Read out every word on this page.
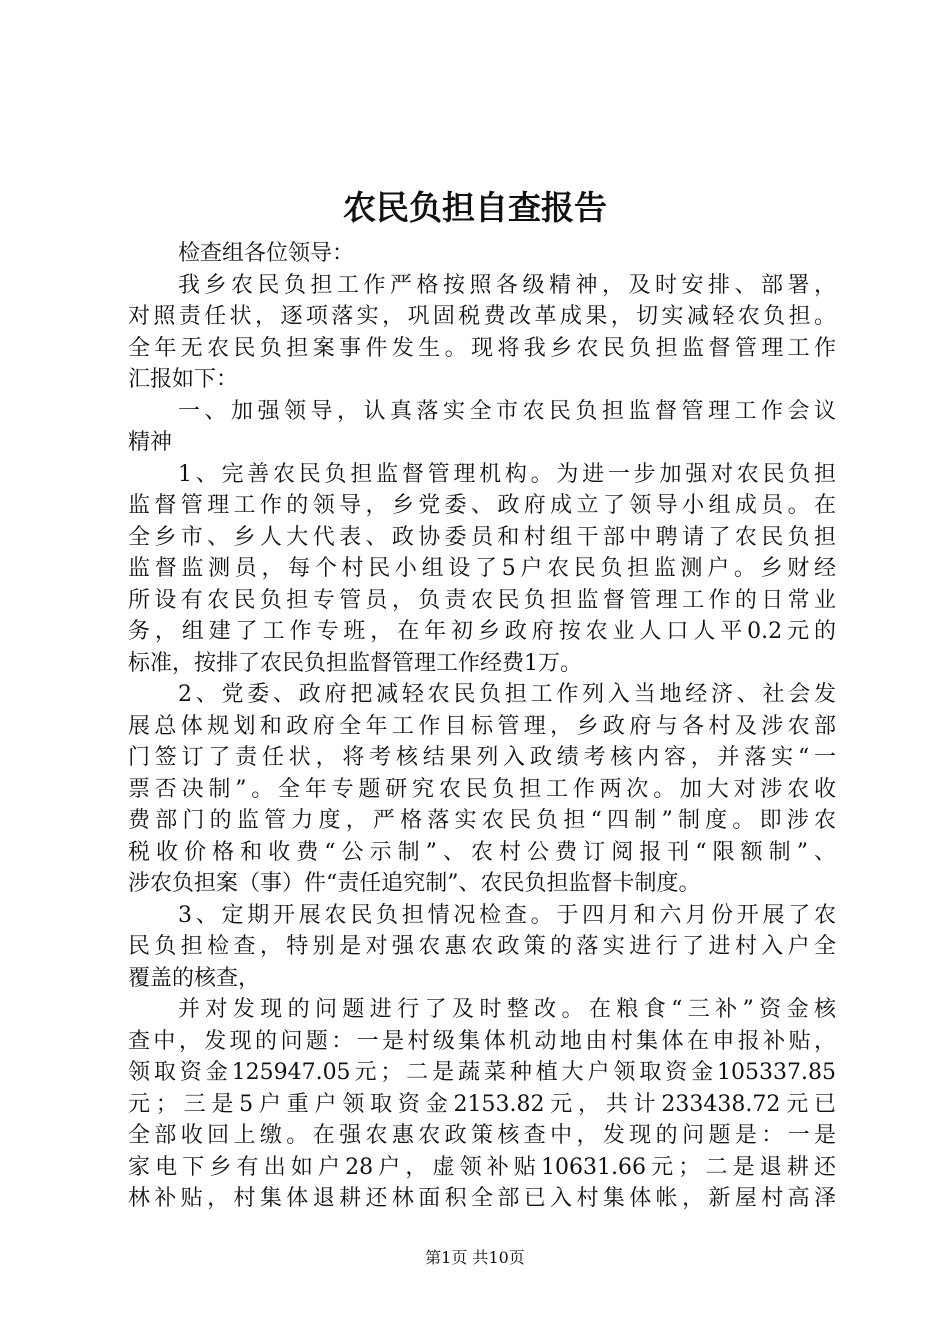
农民负担自查报告
检查组各位领导：
我乡农民负担工作严格按照各级精神，及时安排、部署，
对照责任状，逐项落实，巩固税费改革成果，切实减轻农负担。
全年无农民负担案事件发生。现将我乡农民负担监督管理工作
汇报如下：
一、加强领导，认真落实全市农民负担监督管理工作会议
精神
1、完善农民负担监督管理机构。为进一步加强对农民负担
监督管理工作的领导，乡党委、政府成立了领导小组成员。在
全乡市、乡人大代表、政协委员和村组干部中聘请了农民负担
监督监测员，每个村民小组设了5户农民负担监测户。乡财经
所设有农民负担专管员，负责农民负担监督管理工作的日常业
务，组建了工作专班，在年初乡政府按农业人口人平0.2元的
标准，按排了农民负担监督管理工作经费1万。
2、党委、政府把减轻农民负担工作列入当地经济、社会发
展总体规划和政府全年工作目标管理，乡政府与各村及涉农部
门签订了责任状，将考核结果列入政绩考核内容，并落实“一
票否决制”。全年专题研究农民负担工作两次。加大对涉农收
费部门的监管力度，严格落实农民负担“四制”制度。即涉农
税收价格和收费“公示制”、农村公费订阅报刊“限额制”、
涉农负担案（事）件“责任追究制”、农民负担监督卡制度。
3、定期开展农民负担情况检查。于四月和六月份开展了农
民负担检查，特别是对强农惠农政策的落实进行了进村入户全
覆盖的核查，
并对发现的问题进行了及时整改。在粮食“三补”资金核
查中，发现的问题：一是村级集体机动地由村集体在申报补贴，
领取资金125947.05元；二是蔬菜种植大户领取资金105337.85
元；三是5户重户领取资金2153.82元，共计233438.72元已
全部收回上缴。在强农惠农政策核查中，发现的问题是：一是
家电下乡有出如户28户，虚领补贴10631.66元；二是退耕还
林补贴，村集体退耕还林面积全部已入村集体帐，新屋村高泽
第1页 共10页
